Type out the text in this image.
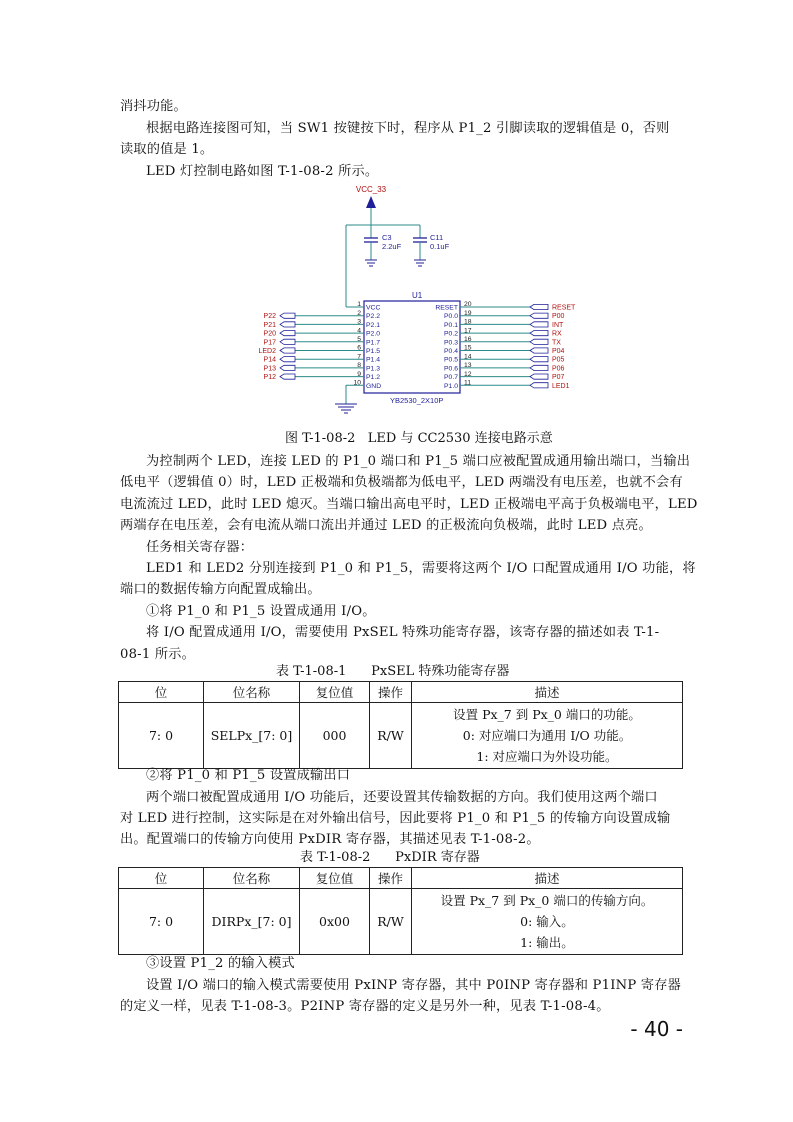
消抖功能。
根据电路连接图可知，当 SW1 按键按下时，程序从 P1_2 引脚读取的逻辑值是 0，否则
读取的值是 1。
LED 灯控制电路如图 T-1-08-2 所示。
VCC_33
C3
2.2uF
C11
0.1uF
U1
YB2530_2X10P
VCC
1
P2.2
2
P22
P2.1
3
P21
P2.0
4
P20
P1.7
5
P17
P1.5
6
LED2
P1.4
7
P14
P1.3
8
P13
P1.2
9
P12
GND
10
RESET 20	RESET
P0.0 19	P00
P0.1 18	INT
P0.2 17	RX
P0.3 16	TX
P0.4 15	P04
P0.5 14	P05
P0.6 13	P06
P0.7 12	P07
P1.0 11	LED1
图 T-1-08-2   LED 与 CC2530 连接电路示意
为控制两个 LED，连接 LED 的 P1_0 端口和 P1_5 端口应被配置成通用输出端口，当输出
低电平（逻辑值 0）时，LED 正极端和负极端都为低电平，LED 两端没有电压差，也就不会有
电流流过 LED，此时 LED 熄灭。当端口输出高电平时，LED 正极端电平高于负极端电平，LED
两端存在电压差，会有电流从端口流出并通过 LED 的正极流向负极端，此时 LED 点亮。
任务相关寄存器：
LED1 和 LED2 分别连接到 P1_0 和 P1_5，需要将这两个 I/O 口配置成通用 I/O 功能，将
端口的数据传输方向配置成输出。
①将 P1_0 和 P1_5 设置成通用 I/O。
将 I/O 配置成通用 I/O，需要使用 PxSEL 特殊功能寄存器，该寄存器的描述如表 T-1-
08-1 所示。
表 T-1-08-1      PxSEL 特殊功能寄存器
位	位名称	复位值	操作	描述
7: 0	SELPx_[7: 0]	000	R/W	设置 Px_7 到 Px_0 端口的功能。
0: 对应端口为通用 I/O 功能。
1: 对应端口为外设功能。
②将 P1_0 和 P1_5 设置成输出口
两个端口被配置成通用 I/O 功能后，还要设置其传输数据的方向。我们使用这两个端口
对 LED 进行控制，这实际是在对外输出信号，因此要将 P1_0 和 P1_5 的传输方向设置成输
出。配置端口的传输方向使用 PxDIR 寄存器，其描述见表 T-1-08-2。
表 T-1-08-2      PxDIR 寄存器
位	位名称	复位值	操作	描述
7: 0	DIRPx_[7: 0]	0x00	R/W	设置 Px_7 到 Px_0 端口的传输方向。
0: 输入。
1: 输出。
③设置 P1_2 的输入模式
设置 I/O 端口的输入模式需要使用 PxINP 寄存器，其中 P0INP 寄存器和 P1INP 寄存器
的定义一样，见表 T-1-08-3。P2INP 寄存器的定义是另外一种，见表 T-1-08-4。
- 40 -
